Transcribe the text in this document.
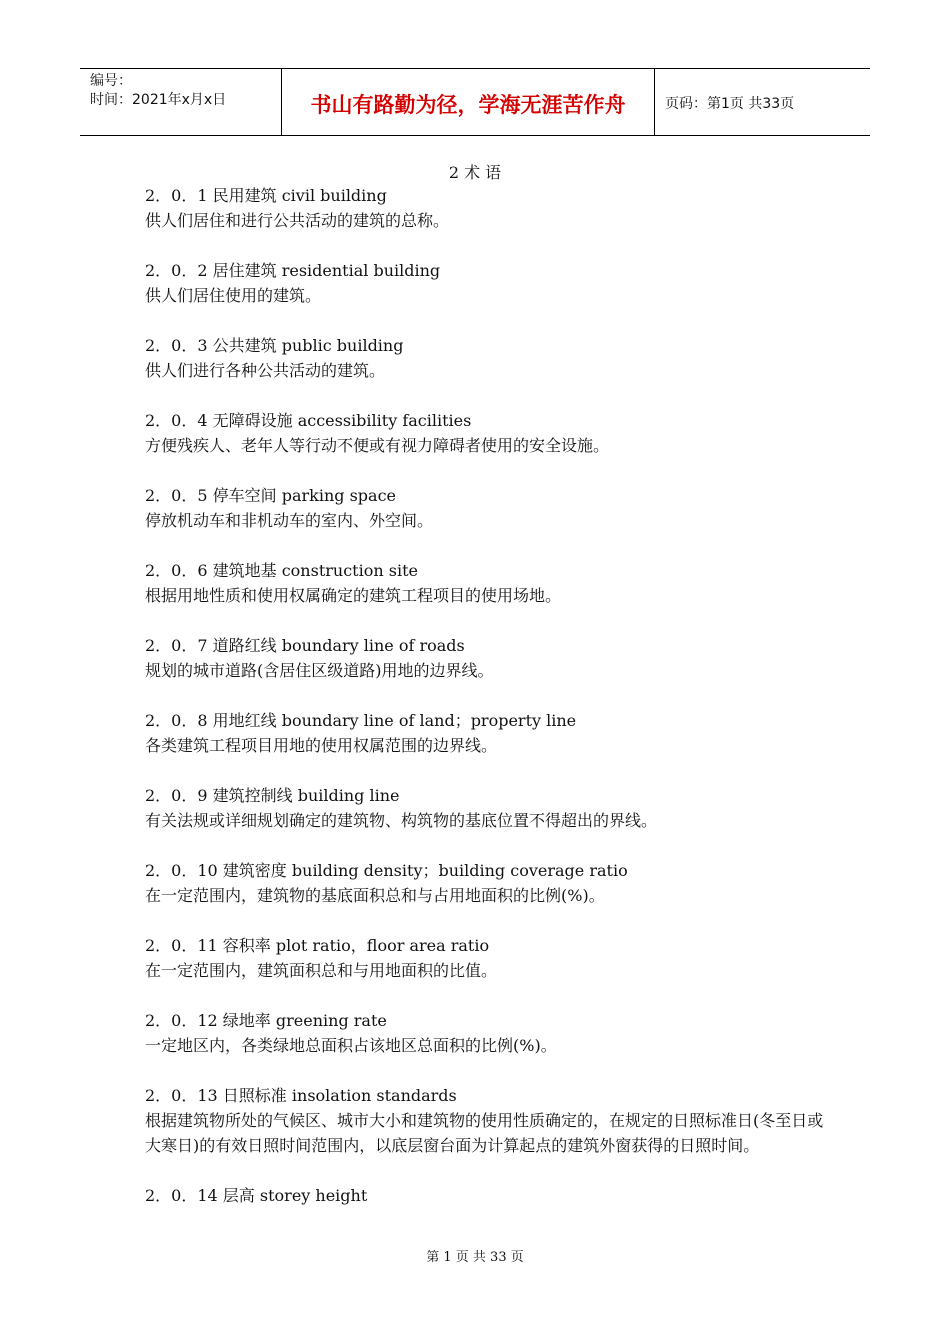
编号：
时间：2021年x月x日	书山有路勤为径，学海无涯苦作舟	页码：第1页 共33页
2 术 语

2．0．1 民用建筑 civil building

供人们居住和进行公共活动的建筑的总称。

2．0．2 居住建筑 residential building

供人们居住使用的建筑。

2．0．3 公共建筑 public building

供人们进行各种公共活动的建筑。

2．0．4 无障碍设施 accessibility facilities

方便残疾人、老年人等行动不便或有视力障碍者使用的安全设施。

2．0．5 停车空间 parking space

停放机动车和非机动车的室内、外空间。

2．0．6 建筑地基 construction site

根据用地性质和使用权属确定的建筑工程项目的使用场地。

2．0．7 道路红线 boundary line of roads

规划的城市道路(含居住区级道路)用地的边界线。

2．0．8 用地红线 boundary line of land；property line

各类建筑工程项目用地的使用权属范围的边界线。

2．0．9 建筑控制线 building line

有关法规或详细规划确定的建筑物、构筑物的基底位置不得超出的界线。

2．0．10 建筑密度 building density；building coverage ratio

在一定范围内，建筑物的基底面积总和与占用地面积的比例(%)。

2．0．11 容积率 plot ratio，floor area ratio

在一定范围内，建筑面积总和与用地面积的比值。

2．0．12 绿地率 greening rate

一定地区内，各类绿地总面积占该地区总面积的比例(%)。

2．0．13 日照标准 insolation standards

根据建筑物所处的气候区、城市大小和建筑物的使用性质确定的，在规定的日照标准日(冬至日或大寒日)的有效日照时间范围内，以底层窗台面为计算起点的建筑外窗获得的日照时间。

2．0．14 层高 storey height

第 1 页 共 33 页
